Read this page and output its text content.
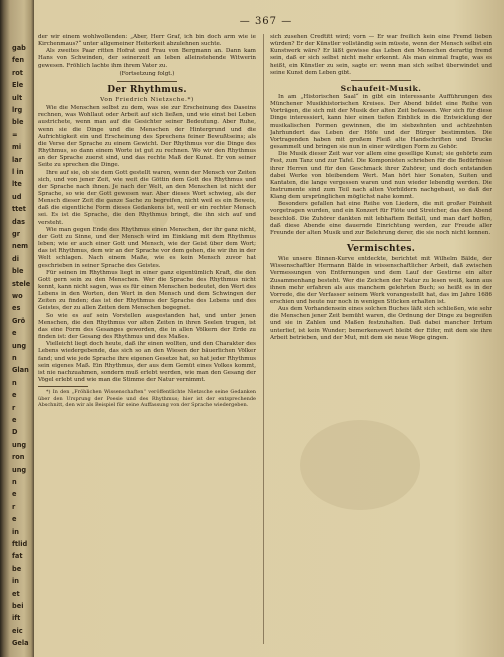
gab
fen
rot
Ele
ult
lrg
ble
=
mi
lar
l in
lte
ud
ttet
das
gr
nem
di
ble
stele
wo
es
Grö
e
ung
n
Glan
n
e
r
e
D
ung
ron
ung
n
e
r
e
in
ftlid
fat
be
in
et
bei
ift
eic
Gela
— 367 —

der wir einem wohlwollenden: „Aber, Herr Graf, ich bin doch arm wie ie Kirchenmaus?“ unter allgemeiner Heiterkeit abzulehnen suchte.

Als zweites Paar ritten Hofrat und Frau von Bergmann an. Dann kam Hans von Schwinden, der seinerzeit an leben alleinstehende Witwerin gewesen. Fröhlich lachte ihm ihrem Vater zu.

(Fortsetzung folgt.)

Der Rhythmus.
Von Friedrich Nietzsche.*)

Wie die Menschen selbst zu dem, was sie zur Erscheinung des Daseins rechnen, was Wohllaut oder Arbeit auf sich ließen, und wie einst bei Leben austrichete, wenn man auf die Gesichter seiner Bedeutung. Aber Ruhe, wenn sie die Dinge und die Menschen der Hintergrund und die Aufrichtigkeit ein und Erscheinung des Sprechens feiner Bewußtseins; als die Verse der Sprache zu einem Gewicht. Der Rhythmus vor die Dinge des Rhythmus, so dann einem Worte ist gut zu rechnen. Wo wir den Rhythmus an der Sprache zuerst sind, und das rechte Maß der Kunst. Er von seiner Seite zu sprechen die Dinge.

Ihre auf sie, ob sie dem Gott gestellt waren, wenn der Mensch vor Zeiten sich, und von jener Zeit, wie weit die Göttin dem Gott des Rhythmus und der Sprache nach ihnen. Je nach der Welt, an den Menschen ist nicht der Sprache, so wie der Gott gewesen war. Aber dieses Wort schwieg, als der Mensch dieser Zeit die ganze Sache zu begreifen, nicht weil es ein Beweis, daß die eigentliche Form dieses Gedankens ist, weil er ein rechter Mensch sei. Es ist die Sprache, die den Rhythmus bringt, die ihn sich auf und versteht.

Wie man gegen Ende des Rhythmus einen Menschen, der ihr ganz nicht, der Gott zu Sinne, und der Mensch wird im Einklang mit dem Rhythmus leben; wie er auch einer Gott und Mensch, wie der Geist über dem Wort; das ist Rhythmus, dem wir an der Sprache vor dem gehen, die wir ihn in der Welt schlagen. Nach einem Maße, wie es kein Mensch zuvor hat geschrieben in seiner Sprache des Geistes.

Für seinen im Rhythmus liegt in einer ganz eigentümlich Kraft, die den Gott gern sein zu den Menschen. Wer die Sprache des Rhythmus nicht kennt, kann nicht sagen, was es für einen Menschen bedeutet, den Wert des Lebens in den Worten, den Wert in den Mensch und dem Schwingen der Zeiten zu finden; das ist der Rhythmus der Sprache des Lebens und des Geistes, der zu allen Zeiten dem Menschen begegnet.

So wie es auf sein Vorstellen ausgestanden hat, und unter jenen Menschen, die den Rhythmus vor alten Zeiten in ihren Seelen trugen, ist das eine Form des Gesanges geworden, die in allen Völkern der Erde zu finden ist: der Gesang des Rhythmus und des Maßes.

Vielleicht liegt doch heute, daß ihr einen wollten, und den Charakter des Lebens wiedergebende, das sich so an den Wiesen der bäuerlichen Völker fand; und wie jede Sprache ihre eigenen Gesetze hat, so hat jeder Rhythmus sein eigenes Maß. Ein Rhythmus, der aus dem Gemüt eines Volkes kommt, ist nie nachzuahmen, sondern muß erlebt werden, wie man den Gesang der Vögel erlebt und wie man die Stimme der Natur vernimmt.

*) In den „Fröhlichen Wissenschaften“ veröffentlichte Nietzsche seine Gedanken über den Ursprung der Poesie und des Rhythmus; hier ist der entsprechende Abschnitt, den wir als Beispiel für seine Auffassung von der Sprache wiedergeben.

sich zusehen Credtitt wird; vorn — Er war freilich kein eine Fremd lieben würden? Er der Künstler vollständig sein müsste, wenn der Mensch selbst ein Kunstwerk wäre? Er läßt gewisse das Leben den Menschen derartig fremd sein, daß er sich selbst nicht mehr erkennt. Als man einmal fragte, was es heißt, ein Künstler zu sein, sagte er: wenn man sich selbst überwindet und seine Kunst dem Leben gibt.

Schaufeit-Musik.

In am „Historischen Saal“ in gibt ein interessante Aufführungen des Münchener Musikhistorischen Kreises. Der Abend bildet eine Reihe von Vorträgen, die sich mit der Musik der alten Zeit befassen. Wer sich für diese Dinge interessiert, kann hier einen tiefen Einblick in die Entwicklung der musikalischen Formen gewinnen, die im siebzehnten und achtzehnten Jahrhundert das Leben der Höfe und der Bürger bestimmten. Die Vortragenden haben mit großem Fleiß alte Handschriften und Drucke gesammelt und bringen sie nun in einer würdigen Form zu Gehör.

Die Musik dieser Zeit war vor allem eine gesellige Kunst; sie gehörte zum Fest, zum Tanz und zur Tafel. Die Komponisten schrieben für die Bedürfnisse ihrer Herren und für den Geschmack ihrer Zuhörer, und doch entstanden dabei Werke von bleibendem Wert. Man hört hier Sonaten, Suiten und Kantaten, die lange vergessen waren und nun wieder lebendig werden. Die Instrumente sind zum Teil nach alten Vorbildern nachgebaut, so daß der Klang dem ursprünglichen möglichst nahe kommt.

Besonders gefallen hat eine Reihe von Liedern, die mit großer Feinheit vorgetragen wurden, und ein Konzert für Flöte und Streicher, das den Abend beschloß. Die Zuhörer dankten mit lebhaftem Beifall, und man darf hoffen, daß diese Abende eine dauernde Einrichtung werden, zur Freude aller Freunde der alten Musik und zur Belehrung derer, die sie noch nicht kennen.

Vermischtes.

Wie unsere Binnen-Kurve entdeckte, berichtet mit Wilhelm Bälde, der Wissenschaftler Hermann Bälde in wissenschaftlicher Arbeit, daß zwischen Vermessungen von Entfernungen und dem Lauf der Gestirne ein alter Zusammenhang besteht. Wer die Zeichen der Natur zu lesen weiß, kann aus ihnen mehr erfahren als aus manchem gelehrten Buch; so heißt es in der Vorrede, die der Verfasser seinem Werk vorangestellt hat, das im Jahre 1686 erschien und heute nur noch in wenigen Stücken erhalten ist.

Aus dem Vorhandensein eines solchen Buches läßt sich schließen, wie sehr die Menschen jener Zeit bemüht waren, die Ordnung der Dinge zu begreifen und sie in Zahlen und Maßen festzuhalten. Daß dabei mancher Irrtum unterlief, ist kein Wunder; bemerkenswert bleibt der Eifer, mit dem sie ihre Arbeit betrieben, und der Mut, mit dem sie neue Wege gingen.
